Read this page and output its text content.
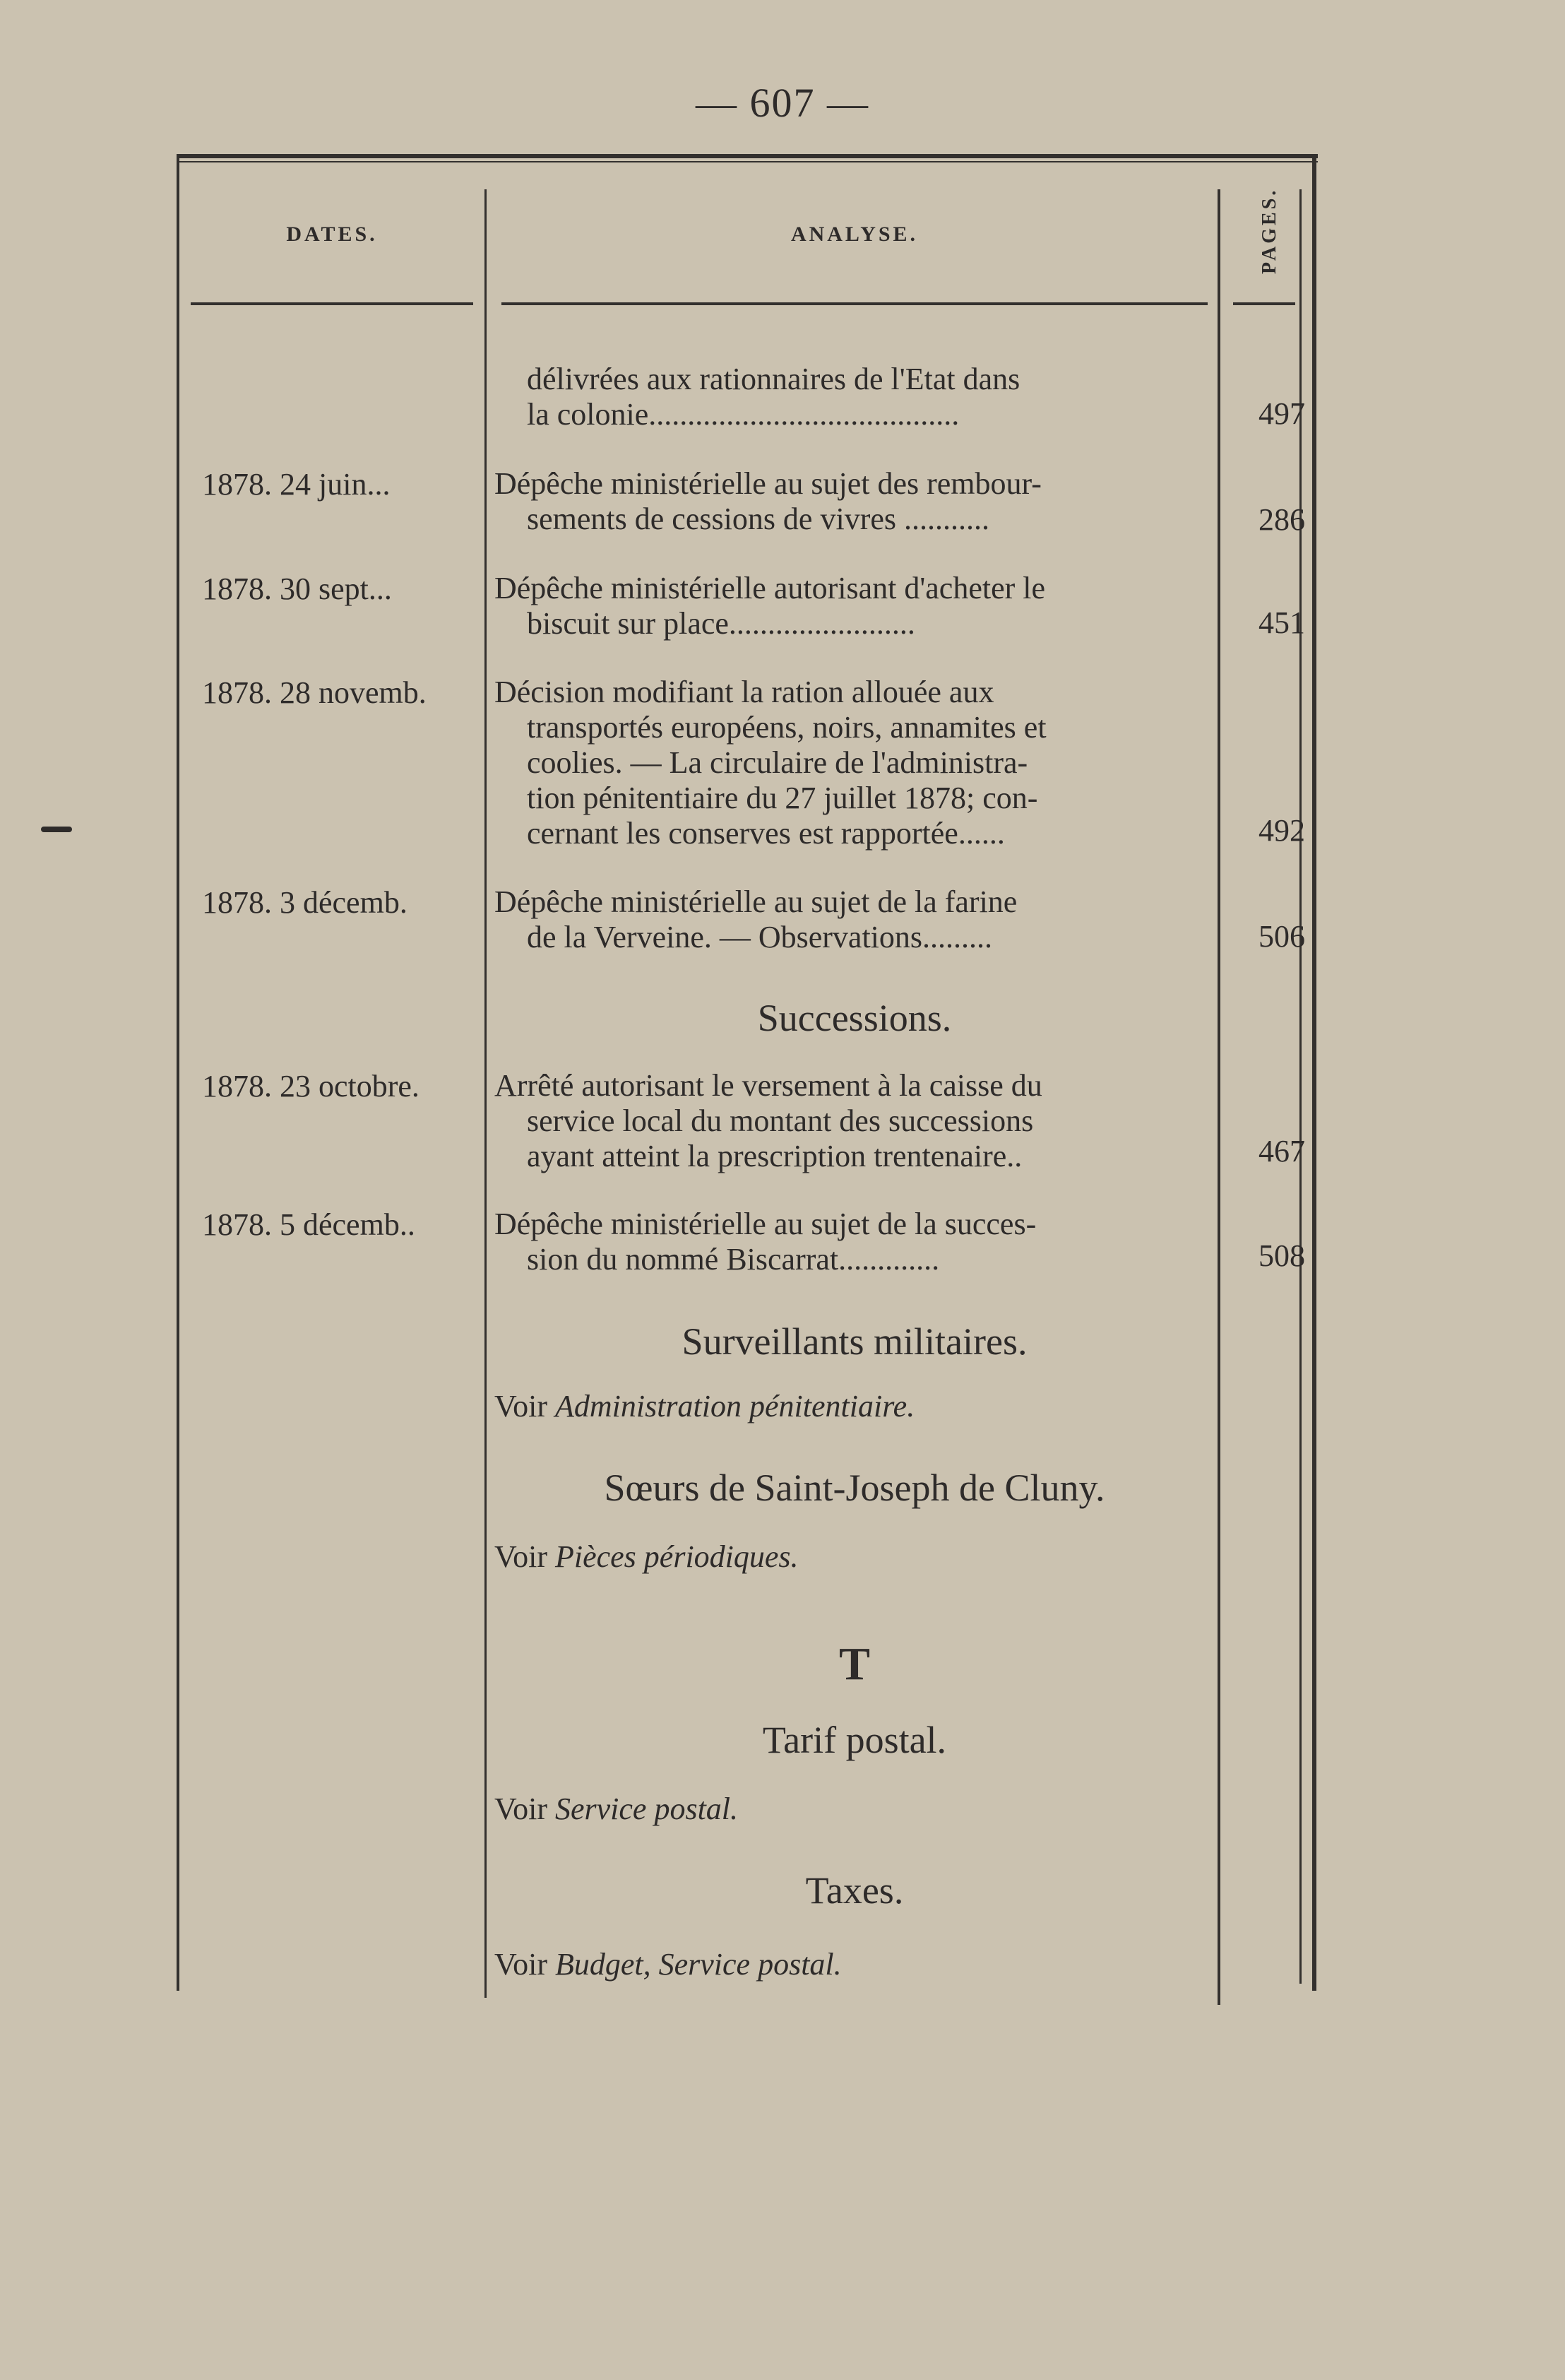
— 607 —
DATES.	ANALYSE.	PAGES.
délivrées aux rationnaires de l'Etat dans
la colonie........................................	497
1878. 24 juin...	Dépêche ministérielle au sujet des rembour-
sements de cessions de vivres ...........	286
1878. 30 sept...	Dépêche ministérielle autorisant d'acheter le
biscuit sur place........................	451
1878. 28 novemb. Décision modifiant la ration allouée aux
transportés européens, noirs, annamites et
coolies. — La circulaire de l'administra-
tion pénitentiaire du 27 juillet 1878; con-
cernant les conserves est rapportée......	492
1878. 3 décemb.	Dépêche ministérielle au sujet de la farine
de la Verveine. — Observations.........	506
Successions.
1878. 23 octobre. Arrêté autorisant le versement à la caisse du
service local du montant des successions
ayant atteint la prescription trentenaire..	467
1878. 5 décemb..	Dépêche ministérielle au sujet de la succes-
sion du nommé Biscarrat.............	508
Surveillants militaires.
Voir Administration pénitentiaire.
Sœurs de Saint-Joseph de Cluny.
Voir Pièces périodiques.
T
Tarif postal.
Voir Service postal.
Taxes.
Voir Budget, Service postal.
